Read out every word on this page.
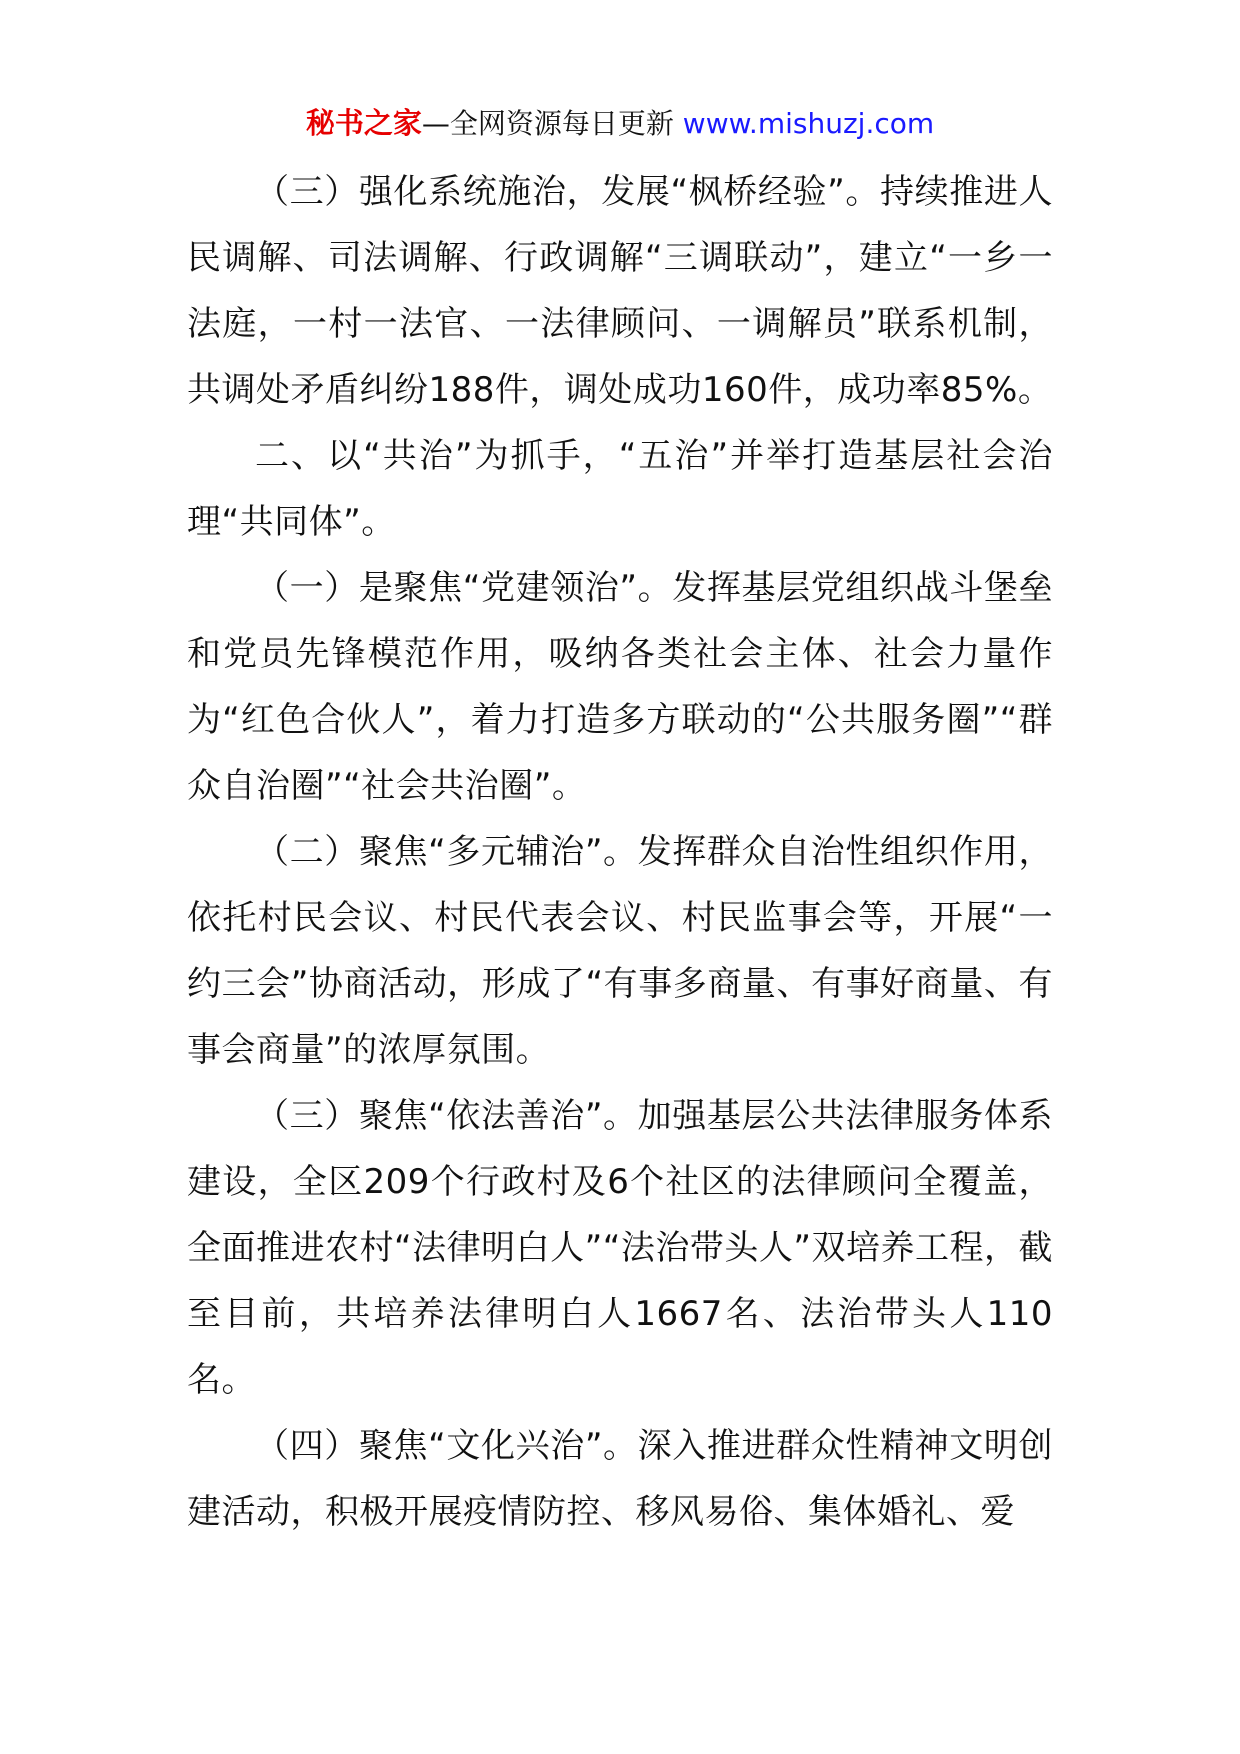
秘书之家—全网资源每日更新 www.mishuzj.com

（三）强化系统施治，发展“枫桥经验”。持续推进人民调解、司法调解、行政调解“三调联动”，建立“一乡一法庭，一村一法官、一法律顾问、一调解员”联系机制，共调处矛盾纠纷188件，调处成功160件，成功率85%。

二、以“共治”为抓手，“五治”并举打造基层社会治理“共同体”。

（一）是聚焦“党建领治”。发挥基层党组织战斗堡垒和党员先锋模范作用，吸纳各类社会主体、社会力量作为“红色合伙人”，着力打造多方联动的“公共服务圈”“群众自治圈”“社会共治圈”。

（二）聚焦“多元辅治”。发挥群众自治性组织作用，依托村民会议、村民代表会议、村民监事会等，开展“一约三会”协商活动，形成了“有事多商量、有事好商量、有事会商量”的浓厚氛围。

（三）聚焦“依法善治”。加强基层公共法律服务体系建设，全区209个行政村及6个社区的法律顾问全覆盖，全面推进农村“法律明白人”“法治带头人”双培养工程，截至目前，共培养法律明白人1667名、法治带头人110名。

（四）聚焦“文化兴治”。深入推进群众性精神文明创建活动，积极开展疫情防控、移风易俗、集体婚礼、爱
